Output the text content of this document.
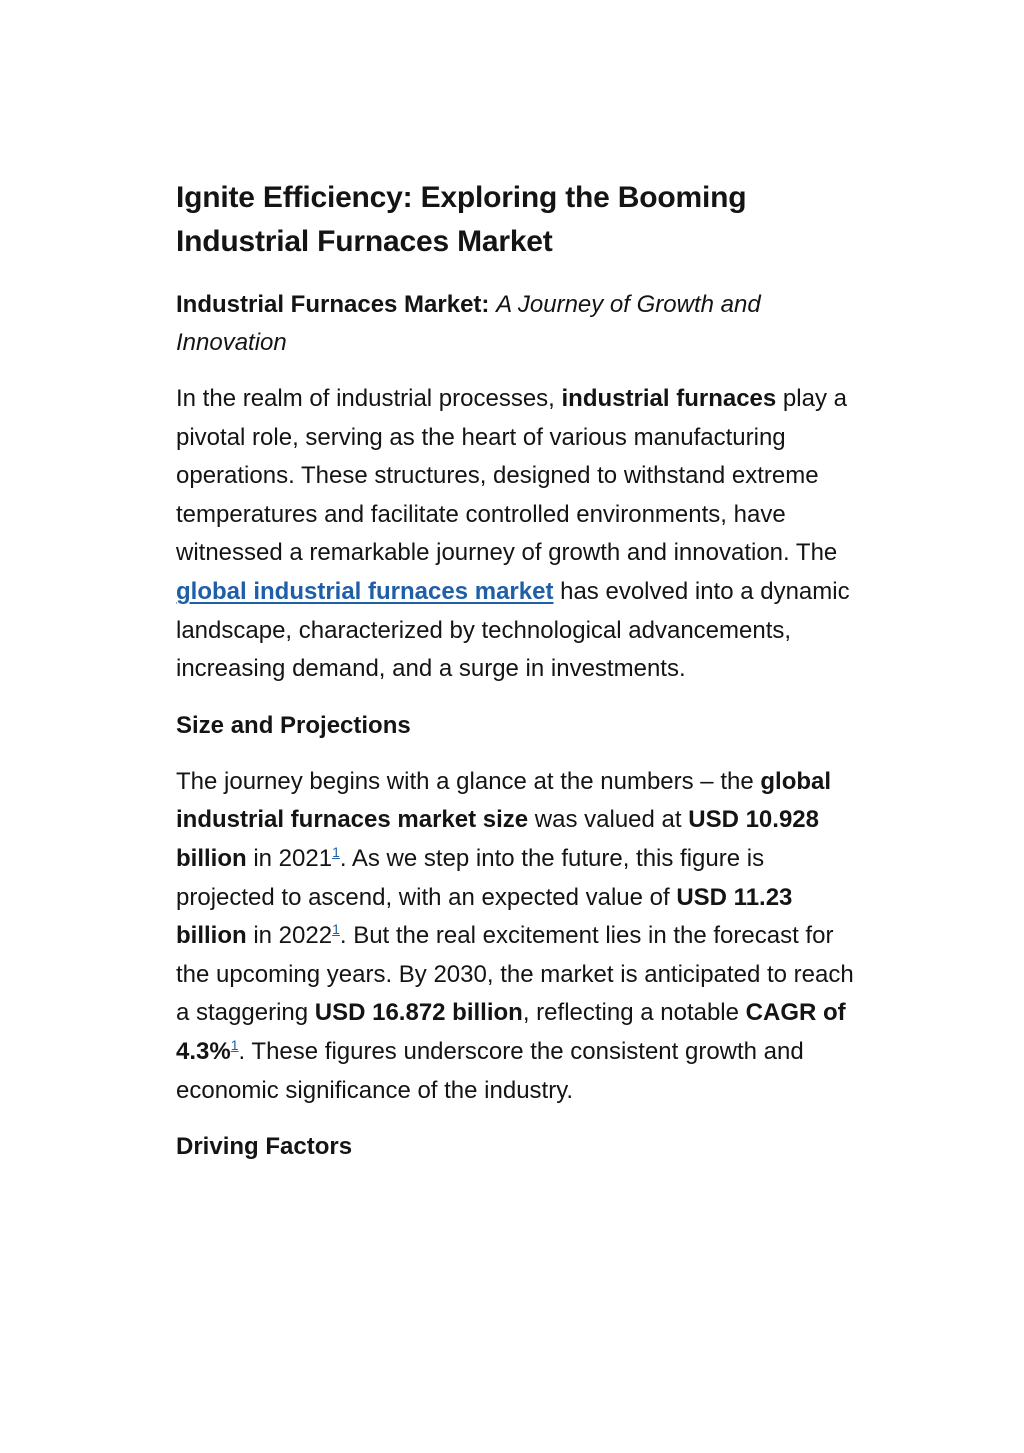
Ignite Efficiency: Exploring the Booming Industrial Furnaces Market
Industrial Furnaces Market: A Journey of Growth and Innovation

In the realm of industrial processes, industrial furnaces play a pivotal role, serving as the heart of various manufacturing operations. These structures, designed to withstand extreme temperatures and facilitate controlled environments, have witnessed a remarkable journey of growth and innovation. The global industrial furnaces market has evolved into a dynamic landscape, characterized by technological advancements, increasing demand, and a surge in investments.

Size and Projections

The journey begins with a glance at the numbers – the global industrial furnaces market size was valued at USD 10.928 billion in 2021$^1$. As we step into the future, this figure is projected to ascend, with an expected value of USD 11.23 billion in 2022$^1$. But the real excitement lies in the forecast for the upcoming years. By 2030, the market is anticipated to reach a staggering USD 16.872 billion, reflecting a notable CAGR of 4.3%$^1$. These figures underscore the consistent growth and economic significance of the industry.

Driving Factors
